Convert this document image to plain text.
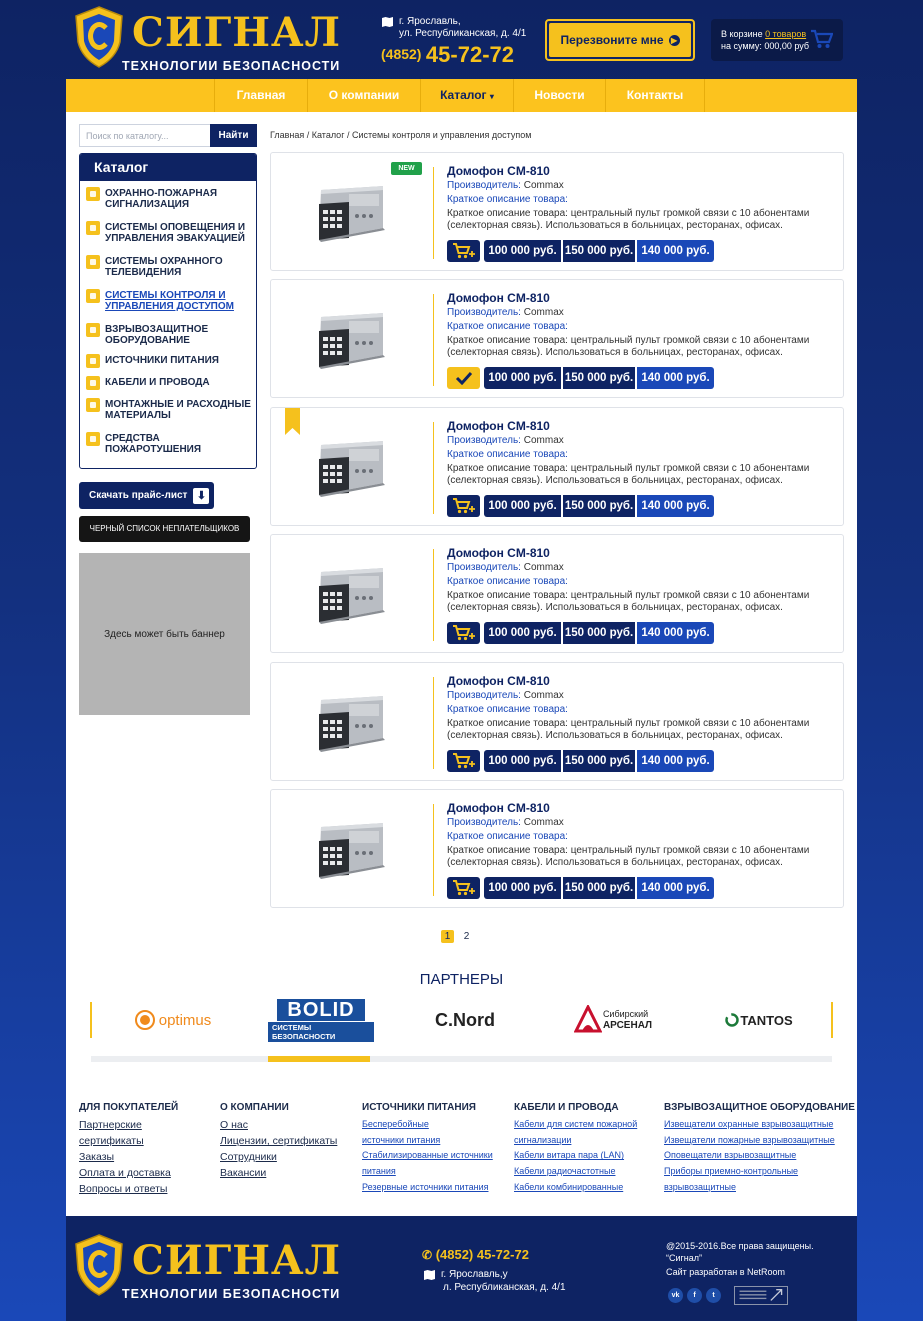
СИГНАЛ
ТЕХНОЛОГИИ БЕЗОПАСНОСТИ
г. Ярославль,
ул. Республиканская, д. 4/1
(4852) 45-72-72
Перезвоните мне ▶
В корзине 0 товаров
на сумму: 000,00 руб
Главная	О компании	Каталог ▾	Новости	Контакты
Поиск по каталогу...
Найти
Каталог
ОХРАННО-ПОЖАРНАЯ СИГНАЛИЗАЦИЯ
СИСТЕМЫ ОПОВЕЩЕНИЯ И УПРАВЛЕНИЯ ЭВАКУАЦИЕЙ
СИСТЕМЫ ОХРАННОГО ТЕЛЕВИДЕНИЯ
СИСТЕМЫ КОНТРОЛЯ И УПРАВЛЕНИЯ ДОСТУПОМ
ВЗРЫВОЗАЩИТНОЕ ОБОРУДОВАНИЕ
ИСТОЧНИКИ ПИТАНИЯ
КАБЕЛИ И ПРОВОДА
МОНТАЖНЫЕ И РАСХОДНЫЕ МАТЕРИАЛЫ
СРЕДСТВА ПОЖАРОТУШЕНИЯ
Скачать прайс-лист ⬇
ЧЕРНЫЙ СПИСОК НЕПЛАТЕЛЬЩИКОВ
Здесь может быть баннер
Главная / Каталог / Системы контроля и управления доступом
NEW	Домофон CM-810
Производитель: Commax
Краткое описание товара:
Краткое описание товара: центральный пульт громкой связи с 10 абонентами (селекторная связь). Использоваться в больницах, ресторанах, офисах.
100 000 руб. 150 000 руб. 140 000 руб.
Домофон CM-810
Производитель: Commax
Краткое описание товара:
Краткое описание товара: центральный пульт громкой связи с 10 абонентами (селекторная связь). Использоваться в больницах, ресторанах, офисах.
100 000 руб. 150 000 руб. 140 000 руб.
Домофон CM-810
Производитель: Commax
Краткое описание товара:
Краткое описание товара: центральный пульт громкой связи с 10 абонентами (селекторная связь). Использоваться в больницах, ресторанах, офисах.
100 000 руб. 150 000 руб. 140 000 руб.
Домофон CM-810
Производитель: Commax
Краткое описание товара:
Краткое описание товара: центральный пульт громкой связи с 10 абонентами (селекторная связь). Использоваться в больницах, ресторанах, офисах.
100 000 руб. 150 000 руб. 140 000 руб.
Домофон CM-810
Производитель: Commax
Краткое описание товара:
Краткое описание товара: центральный пульт громкой связи с 10 абонентами (селекторная связь). Использоваться в больницах, ресторанах, офисах.
100 000 руб. 150 000 руб. 140 000 руб.
Домофон CM-810
Производитель: Commax
Краткое описание товара:
Краткое описание товара: центральный пульт громкой связи с 10 абонентами (селекторная связь). Использоваться в больницах, ресторанах, офисах.
100 000 руб. 150 000 руб. 140 000 руб.
1	2
ПАРТНЕРЫ
optimus	BOLID
СИСТЕМЫ БЕЗОПАСНОСТИ
C.Nord	Сибирский
АРСЕНАЛ	TANTOS
ДЛЯ ПОКУПАТЕЛЕЙ
Партнерские
сертификаты
Заказы
Оплата и доставка
Вопросы и ответы
О КОМПАНИИ
О нас
Лицензии, сертификаты
Сотрудники
Вакансии
ИСТОЧНИКИ ПИТАНИЯ
Бесперебойные
источники питания
Стабилизированные источники
питания
Резервные источники питания
КАБЕЛИ И ПРОВОДА
Кабели для систем пожарной
сигнализации
Кабели витара пара (LAN)
Кабели радиочастотные
Кабели комбинированные
ВЗРЫВОЗАЩИТНОЕ ОБОРУДОВАНИЕ
Извещатели охранные взрывозащитные
Извещатели пожарные взрывозащитные
Оповещатели взрывозащитные
Приборы приемно-контрольные
взрывозащитные
СИГНАЛ
ТЕХНОЛОГИИ БЕЗОПАСНОСТИ
✆ (4852) 45-72-72
г. Ярославль,у
л. Республиканская, д. 4/1
@2015-2016.Все права защищены.
“Сигнал”
Сайт разработан в NetRoom
vk	f	t
